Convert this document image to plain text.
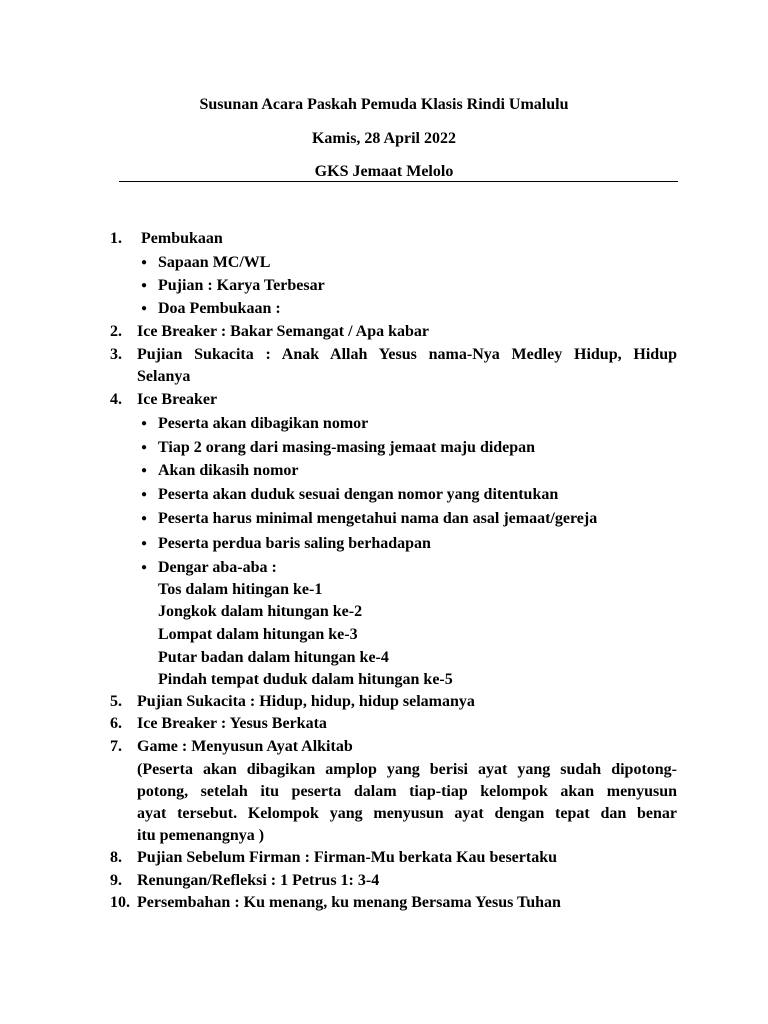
Susunan Acara Paskah Pemuda Klasis Rindi Umalulu
Kamis, 28 April 2022
GKS Jemaat Melolo
1.	Pembukaan
● Sapaan MC/WL
● Pujian : Karya Terbesar
● Doa Pembukaan :
2. Ice Breaker : Bakar Semangat / Apa kabar
3. Pujian Sukacita : Anak Allah Yesus nama-Nya Medley Hidup, Hidup
Selanya
4. Ice Breaker
● Peserta akan dibagikan nomor
● Tiap 2 orang dari masing-masing jemaat maju didepan
● Akan dikasih nomor
● Peserta akan duduk sesuai dengan nomor yang ditentukan
● Peserta harus minimal mengetahui nama dan asal jemaat/gereja
● Peserta perdua baris saling berhadapan
● Dengar aba-aba :
Tos dalam hitingan ke-1
Jongkok dalam hitungan ke-2
Lompat dalam hitungan ke-3
Putar badan dalam hitungan ke-4
Pindah tempat duduk dalam hitungan ke-5
5. Pujian Sukacita : Hidup, hidup, hidup selamanya
6. Ice Breaker : Yesus Berkata
7. Game : Menyusun Ayat Alkitab
(Peserta akan dibagikan amplop yang berisi ayat yang sudah dipotong-
potong, setelah itu peserta dalam tiap-tiap kelompok akan menyusun
ayat tersebut. Kelompok yang menyusun ayat dengan tepat dan benar
itu pemenangnya )
8. Pujian Sebelum Firman : Firman-Mu berkata Kau besertaku
9. Renungan/Refleksi : 1 Petrus 1: 3-4
10. Persembahan : Ku menang, ku menang Bersama Yesus Tuhan
